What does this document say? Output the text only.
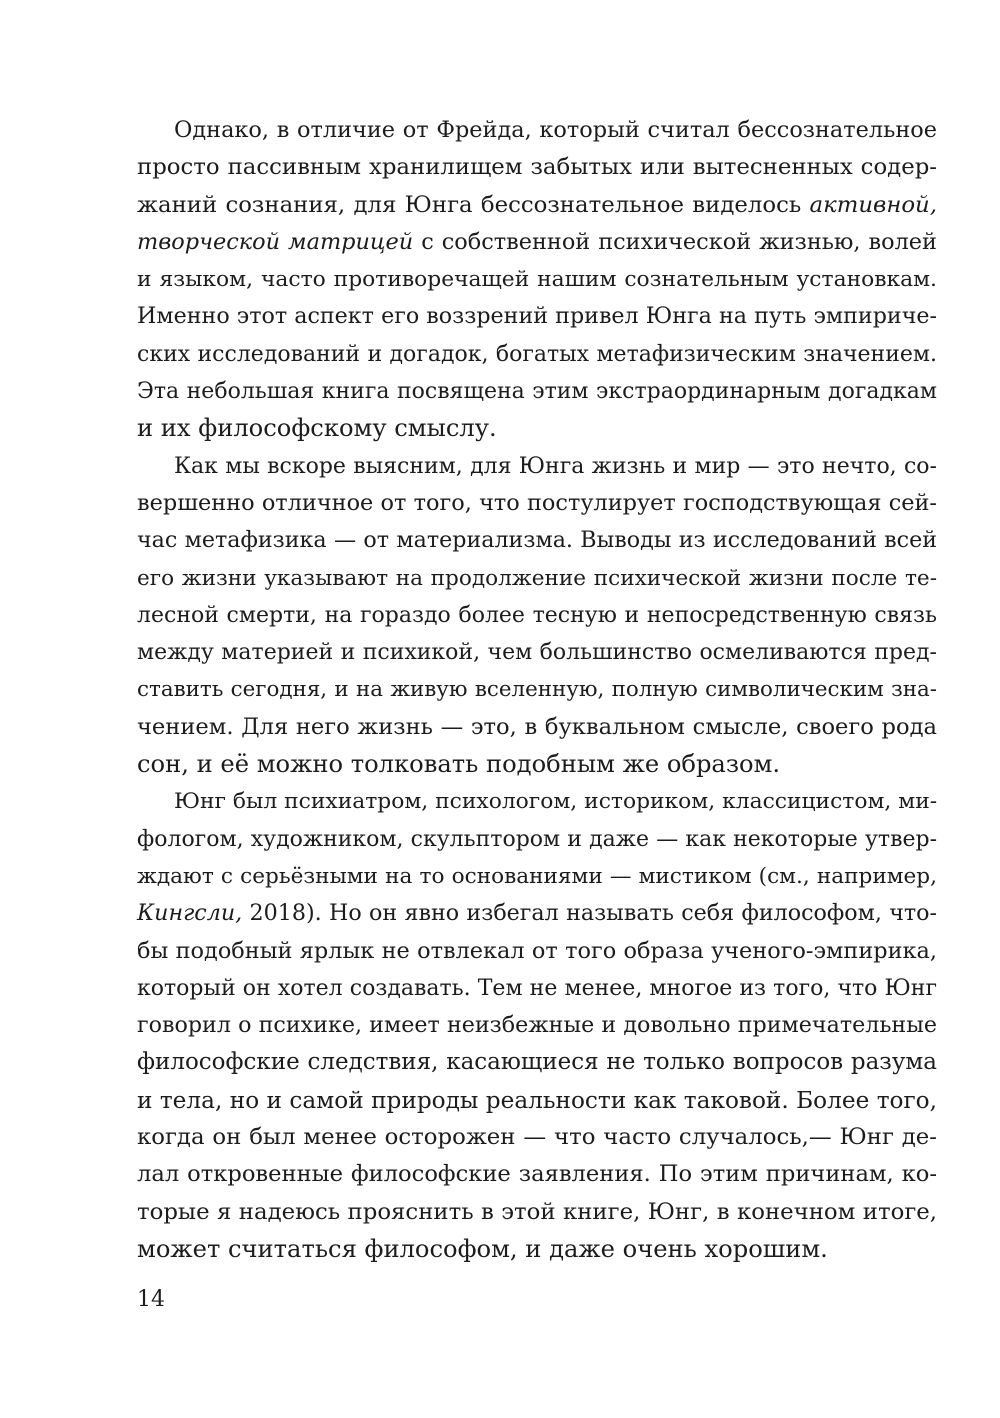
Однако, в отличие от Фрейда, который считал бессознательное
просто пассивным хранилищем забытых или вытесненных содер-
жаний сознания, для Юнга бессознательное виделось активной,
творческой матрицей с собственной психической жизнью, волей
и языком, часто противоречащей нашим сознательным установкам.
Именно этот аспект его воззрений привел Юнга на путь эмпириче-
ских исследований и догадок, богатых метафизическим значением.
Эта небольшая книга посвящена этим экстраординарным догадкам
и их философскому смыслу.
Как мы вскоре выясним, для Юнга жизнь и мир — это нечто, со-
вершенно отличное от того, что постулирует господствующая сей-
час метафизика — от материализма. Выводы из исследований всей
его жизни указывают на продолжение психической жизни после те-
лесной смерти, на гораздо более тесную и непосредственную связь
между материей и психикой, чем большинство осмеливаются пред-
ставить сегодня, и на живую вселенную, полную символическим зна-
чением. Для него жизнь — это, в буквальном смысле, своего рода
сон, и её можно толковать подобным же образом.
Юнг был психиатром, психологом, историком, классицистом, ми-
фологом, художником, скульптором и даже — как некоторые утвер-
ждают с серьёзными на то основаниями — мистиком (см., например,
Кингсли, 2018). Но он явно избегал называть себя философом, что-
бы подобный ярлык не отвлекал от того образа ученого-эмпирика,
который он хотел создавать. Тем не менее, многое из того, что Юнг
говорил о психике, имеет неизбежные и довольно примечательные
философские следствия, касающиеся не только вопросов разума
и тела, но и самой природы реальности как таковой. Более того,
когда он был менее осторожен — что часто случалось,— Юнг де-
лал откровенные философские заявления. По этим причинам, ко-
торые я надеюсь прояснить в этой книге, Юнг, в конечном итоге,
может считаться философом, и даже очень хорошим.
14
